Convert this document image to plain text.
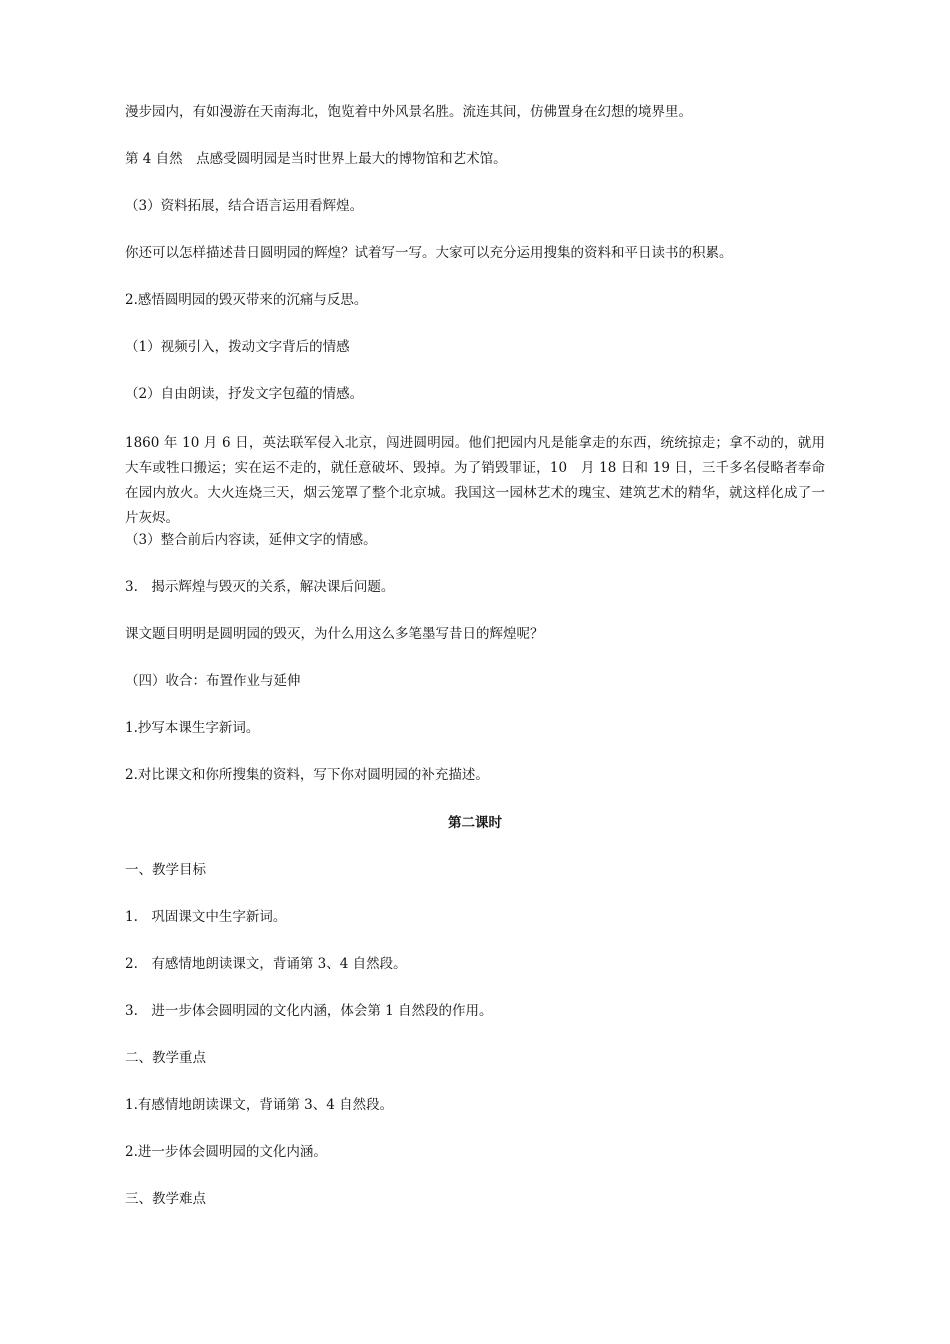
漫步园内，有如漫游在天南海北，饱览着中外风景名胜。流连其间，仿佛置身在幻想的境界里。

第 4 自然　点感受圆明园是当时世界上最大的博物馆和艺术馆。

（3）资料拓展，结合语言运用看辉煌。

你还可以怎样描述昔日圆明园的辉煌？试着写一写。大家可以充分运用搜集的资料和平日读书的积累。

2.感悟圆明园的毁灭带来的沉痛与反思。

（1）视频引入，拨动文字背后的情感

（2）自由朗读，抒发文字包蕴的情感。

1860 年 10 月 6 日，英法联军侵入北京，闯进圆明园。他们把园内凡是能拿走的东西，统统掠走；拿不动的，就用大车或牲口搬运；实在运不走的，就任意破坏、毁掉。为了销毁罪证，10　月 18 日和 19 日，三千多名侵略者奉命在园内放火。大火连烧三天，烟云笼罩了整个北京城。我国这一园林艺术的瑰宝、建筑艺术的精华，就这样化成了一片灰烬。

（3）整合前后内容读，延伸文字的情感。

3.　揭示辉煌与毁灭的关系，解决课后问题。

课文题目明明是圆明园的毁灭，为什么用这么多笔墨写昔日的辉煌呢？

（四）收合：布置作业与延伸

1.抄写本课生字新词。

2.对比课文和你所搜集的资料，写下你对圆明园的补充描述。

第二课时

一、教学目标

1.　巩固课文中生字新词。

2.　有感情地朗读课文，背诵第 3、4 自然段。

3.　进一步体会圆明园的文化内涵，体会第 1 自然段的作用。

二、教学重点

1.有感情地朗读课文，背诵第 3、4 自然段。

2.进一步体会圆明园的文化内涵。

三、教学难点
